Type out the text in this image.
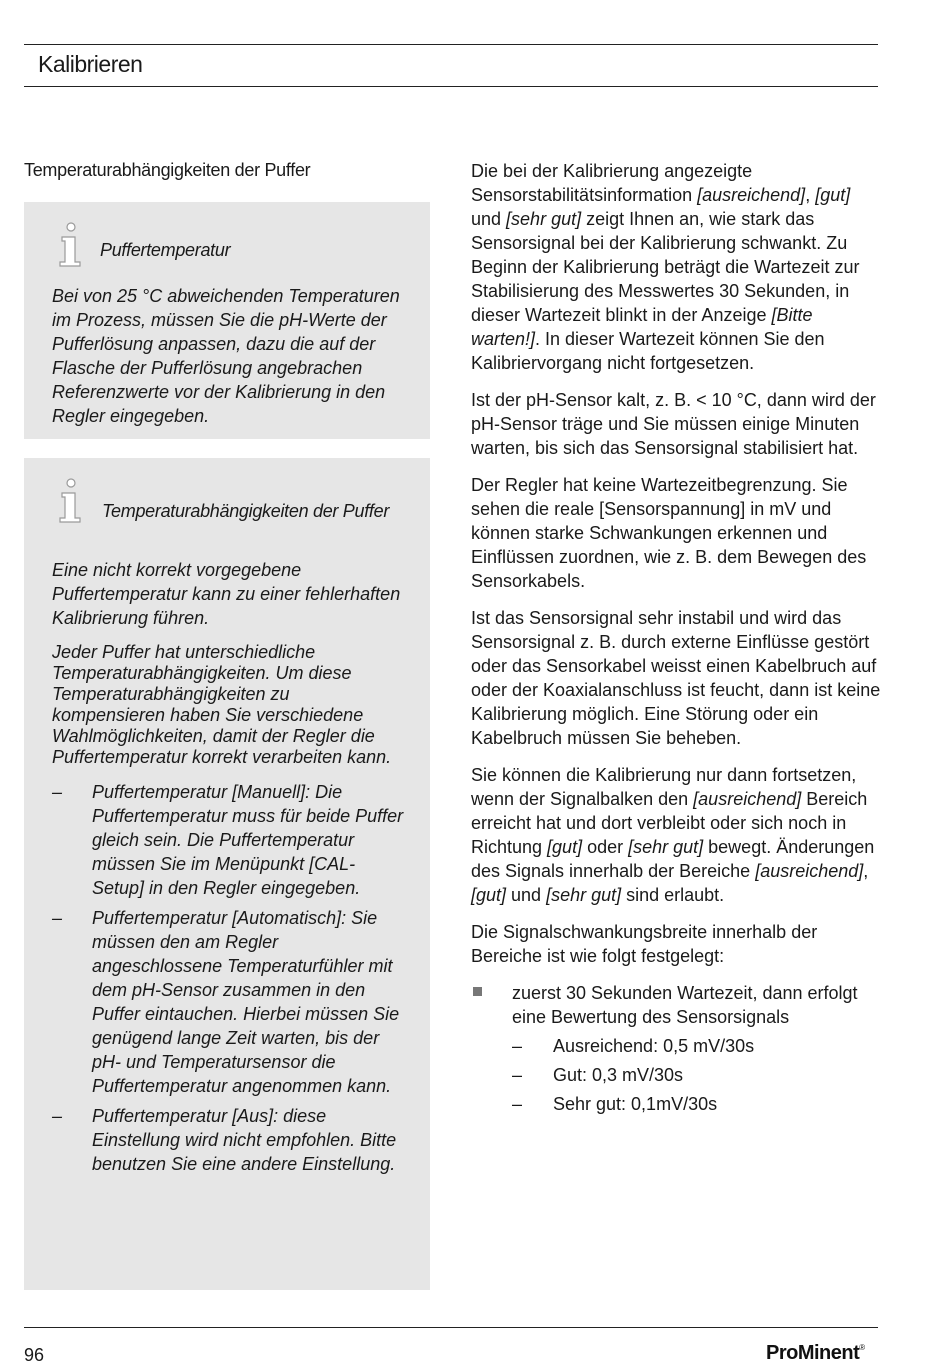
Kalibrieren
Temperaturabhängigkeiten der Puffer
Puffertemperatur

Bei von 25 °C abweichenden Temperaturen im Prozess, müssen Sie die pH-Werte der Pufferlösung anpassen, dazu die auf der Flasche der Pufferlösung angebrachen Referenzwerte vor der Kalibrierung in den Regler eingegeben.

Temperaturabhängigkeiten der Puffer

Eine nicht korrekt vorgegebene Puffertemperatur kann zu einer fehlerhaften Kalibrierung führen.

Jeder Puffer hat unterschiedliche Temperaturabhängigkeiten. Um diese Temperaturabhängigkeiten zu kompensieren haben Sie verschiedene Wahlmöglichkeiten, damit der Regler die Puffertemperatur korrekt verarbeiten kann.

– Puffertemperatur [Manuell]: Die Puffertemperatur muss für beide Puffer gleich sein. Die Puffertemperatur müssen Sie im Menüpunkt [CAL-Setup] in den Regler eingegeben.
– Puffertemperatur [Automatisch]: Sie müssen den am Regler angeschlossene Temperaturfühler mit dem pH-Sensor zusammen in den Puffer eintauchen. Hierbei müssen Sie genügend lange Zeit warten, bis der pH- und Temperatursensor die Puffertemperatur angenommen kann.
– Puffertemperatur [Aus]: diese Einstellung wird nicht empfohlen. Bitte benutzen Sie eine andere Einstellung.

Die bei der Kalibrierung angezeigte Sensorstabilitätsinformation [ausreichend], [gut] und [sehr gut] zeigt Ihnen an, wie stark das Sensorsignal bei der Kalibrierung schwankt. Zu Beginn der Kalibrierung beträgt die Wartezeit zur Stabilisierung des Messwertes 30 Sekunden, in dieser Wartezeit blinkt in der Anzeige [Bitte warten!]. In dieser Wartezeit können Sie den Kalibriervorgang nicht fortgesetzen.

Ist der pH-Sensor kalt, z. B. < 10 °C, dann wird der pH-Sensor träge und Sie müssen einige Minuten warten, bis sich das Sensorsignal stabilisiert hat.

Der Regler hat keine Wartezeitbegrenzung. Sie sehen die reale [Sensorspannung] in mV und können starke Schwankungen erkennen und Einflüssen zuordnen, wie z. B. dem Bewegen des Sensorkabels.

Ist das Sensorsignal sehr instabil und wird das Sensorsignal z. B. durch externe Einflüsse gestört oder das Sensorkabel weisst einen Kabelbruch auf oder der Koaxialanschluss ist feucht, dann ist keine Kalibrierung möglich. Eine Störung oder ein Kabelbruch müssen Sie beheben.

Sie können die Kalibrierung nur dann fortsetzen, wenn der Signalbalken den [ausreichend] Bereich erreicht hat und dort verbleibt oder sich noch in Richtung [gut] oder [sehr gut] bewegt. Änderungen des Signals innerhalb der Bereiche [ausreichend], [gut] und [sehr gut] sind erlaubt.

Die Signalschwankungsbreite innerhalb der Bereiche ist wie folgt festgelegt:

zuerst 30 Sekunden Wartezeit, dann erfolgt eine Bewertung des Sensorsignals
– Ausreichend: 0,5 mV/30s
– Gut: 0,3 mV/30s
– Sehr gut: 0,1mV/30s
96	ProMinent®
